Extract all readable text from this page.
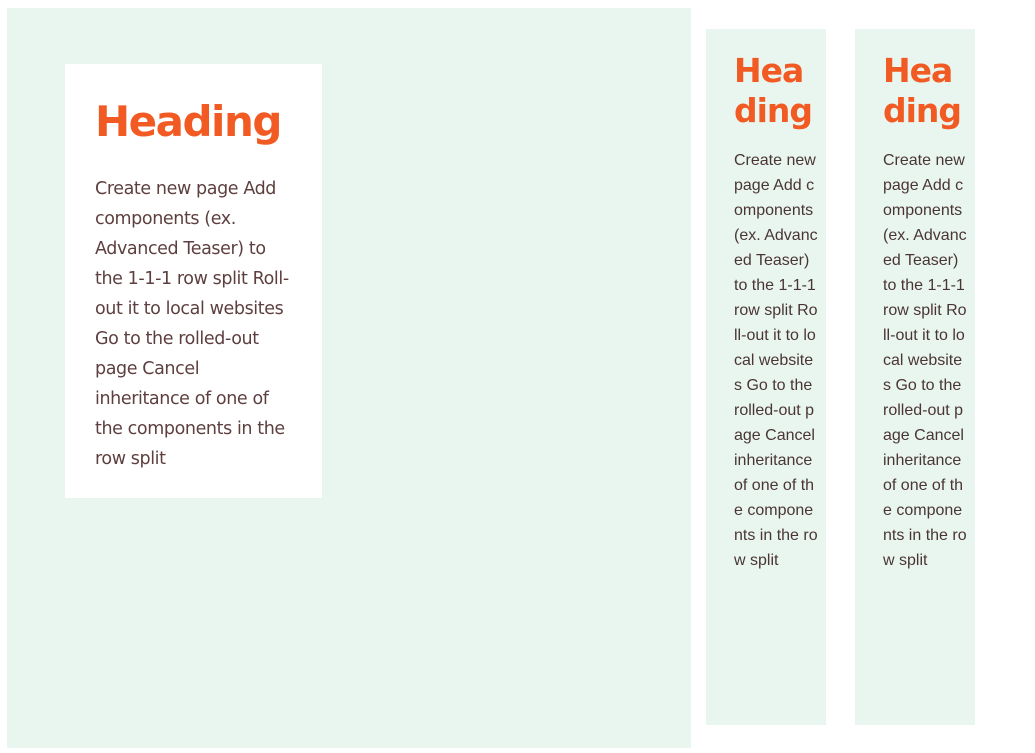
Heading

Create new page Add components (ex. Advanced Teaser) to the 1-1-1 row split Roll-out it to local websites Go to the rolled-out page Cancel inheritance of one of the components in the row split

Heading

Create new page Add components (ex. Advanced Teaser) to the 1-1-1 row split Roll-out it to local websites Go to the rolled-out page Cancel inheritance of one of the components in the row split

Heading

Create new page Add components (ex. Advanced Teaser) to the 1-1-1 row split Roll-out it to local websites Go to the rolled-out page Cancel inheritance of one of the components in the row split
